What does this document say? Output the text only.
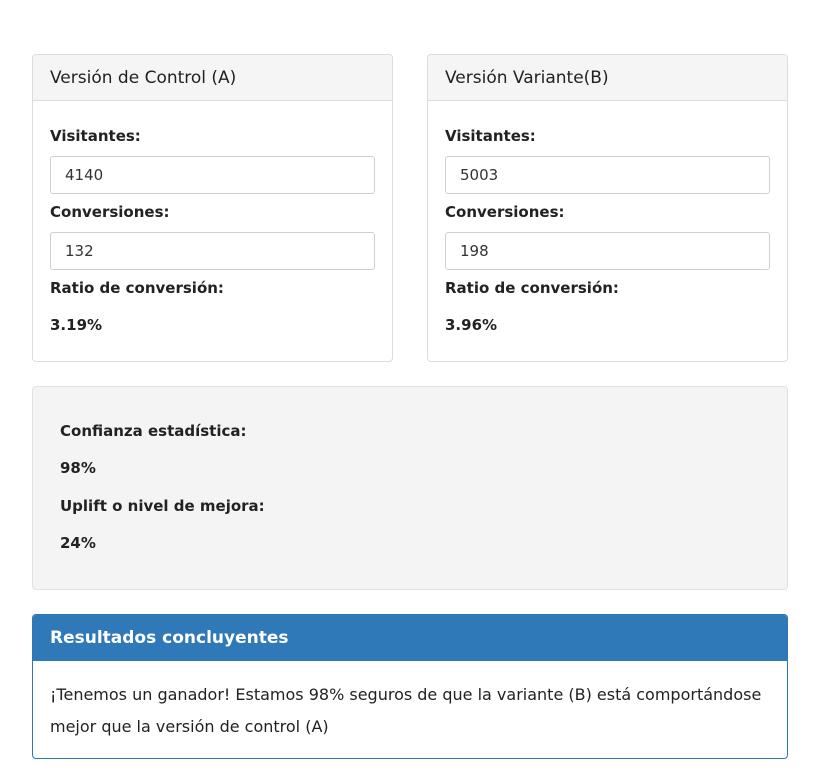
Versión de Control (A)
Visitantes:
4140
Conversiones:
132
Ratio de conversión:
3.19%
Versión Variante(B)
Visitantes:
5003
Conversiones:
198
Ratio de conversión:
3.96%
Confianza estadística:
98%
Uplift o nivel de mejora:
24%
Resultados concluyentes
¡Tenemos un ganador! Estamos 98% seguros de que la variante (B) está comportándose mejor que la versión de control (A)
